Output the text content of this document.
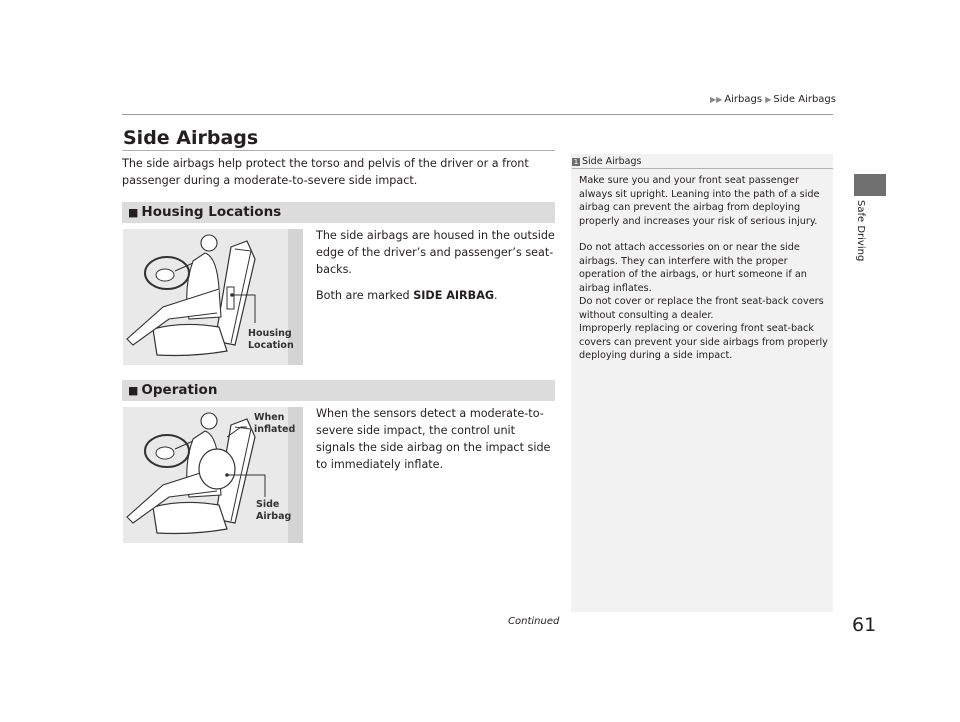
▶▶ Airbags ▶ Side Airbags
Safe Driving
Side Airbags
The side airbags help protect the torso and pelvis of the driver or a front passenger during a moderate-to-severe side impact.
■ Housing Locations
Housing
Location
The side airbags are housed in the outside edge of the driver’s and passenger’s seat-backs.
Both are marked SIDE AIRBAG.
■ Operation
When
inflated
Side
Airbag
When the sensors detect a moderate-to-severe side impact, the control unit signals the side airbag on the impact side to immediately inflate.
1 Side Airbags
Make sure you and your front seat passenger always sit upright. Leaning into the path of a side airbag can prevent the airbag from deploying properly and increases your risk of serious injury.
Do not attach accessories on or near the side airbags. They can interfere with the proper operation of the airbags, or hurt someone if an airbag inflates.
Do not cover or replace the front seat-back covers without consulting a dealer.
Improperly replacing or covering front seat-back covers can prevent your side airbags from properly deploying during a side impact.
Continued	61
